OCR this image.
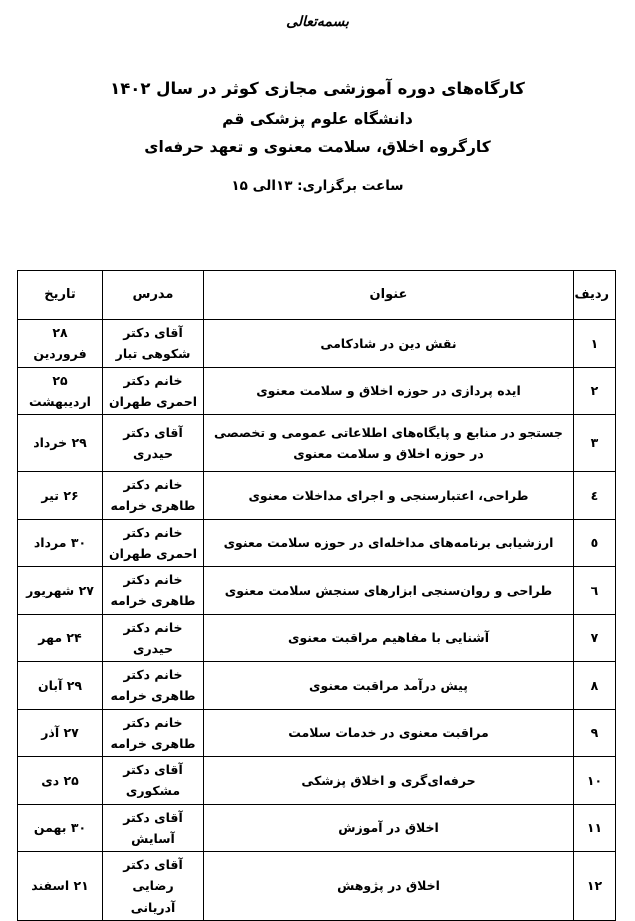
بسمه‌تعالی
کارگاه‌های دوره آموزشی مجازی کوثر در سال ۱۴۰۲
دانشگاه علوم پزشکی قم
کارگروه اخلاق، سلامت معنوی و تعهد حرفه‌ای
ساعت برگزاری: ۱۳الی ۱۵
ردیف	عنوان	مدرس	تاریخ
١	نقش دین در شادکامی	آقای دکتر شکوهی تبار	۲۸ فروردین
٢	ایده پردازی در حوزه اخلاق و سلامت معنوی	خانم دکتر احمری طهران	۲۵ اردیبهشت
٣	جستجو در منابع و پایگاه‌های اطلاعاتی عمومی و تخصصی در حوزه اخلاق و سلامت معنوی	آقای دکتر حیدری	۲۹ خرداد
٤	طراحی، اعتبارسنجی و اجرای مداخلات معنوی	خانم دکتر طاهری خرامه	۲۶ تیر
٥	ارزشیابی برنامه‌های مداخله‌ای در حوزه سلامت معنوی	خانم دکتر احمری طهران	۳۰ مرداد
٦	طراحی و روان‌سنجی ابزارهای سنجش سلامت معنوی	خانم دکتر طاهری خرامه	۲۷ شهریور
٧	آشنایی با مفاهیم مراقبت معنوی	خانم دکتر حیدری	۲۴ مهر
٨	پیش درآمد مراقبت معنوی	خانم دکتر طاهری خرامه	۲۹ آبان
٩	مراقبت معنوی در خدمات سلامت	خانم دکتر طاهری خرامه	۲۷ آذر
١٠	حرفه‌ای‌گری و اخلاق پزشکی	آقای دکتر مشکوری	۲۵ دی
١١	اخلاق در آموزش	آقای دکتر آسایش	۳۰ بهمن
١٢	اخلاق در پژوهش	آقای دکتر رضایی آدریانی	۲۱ اسفند
